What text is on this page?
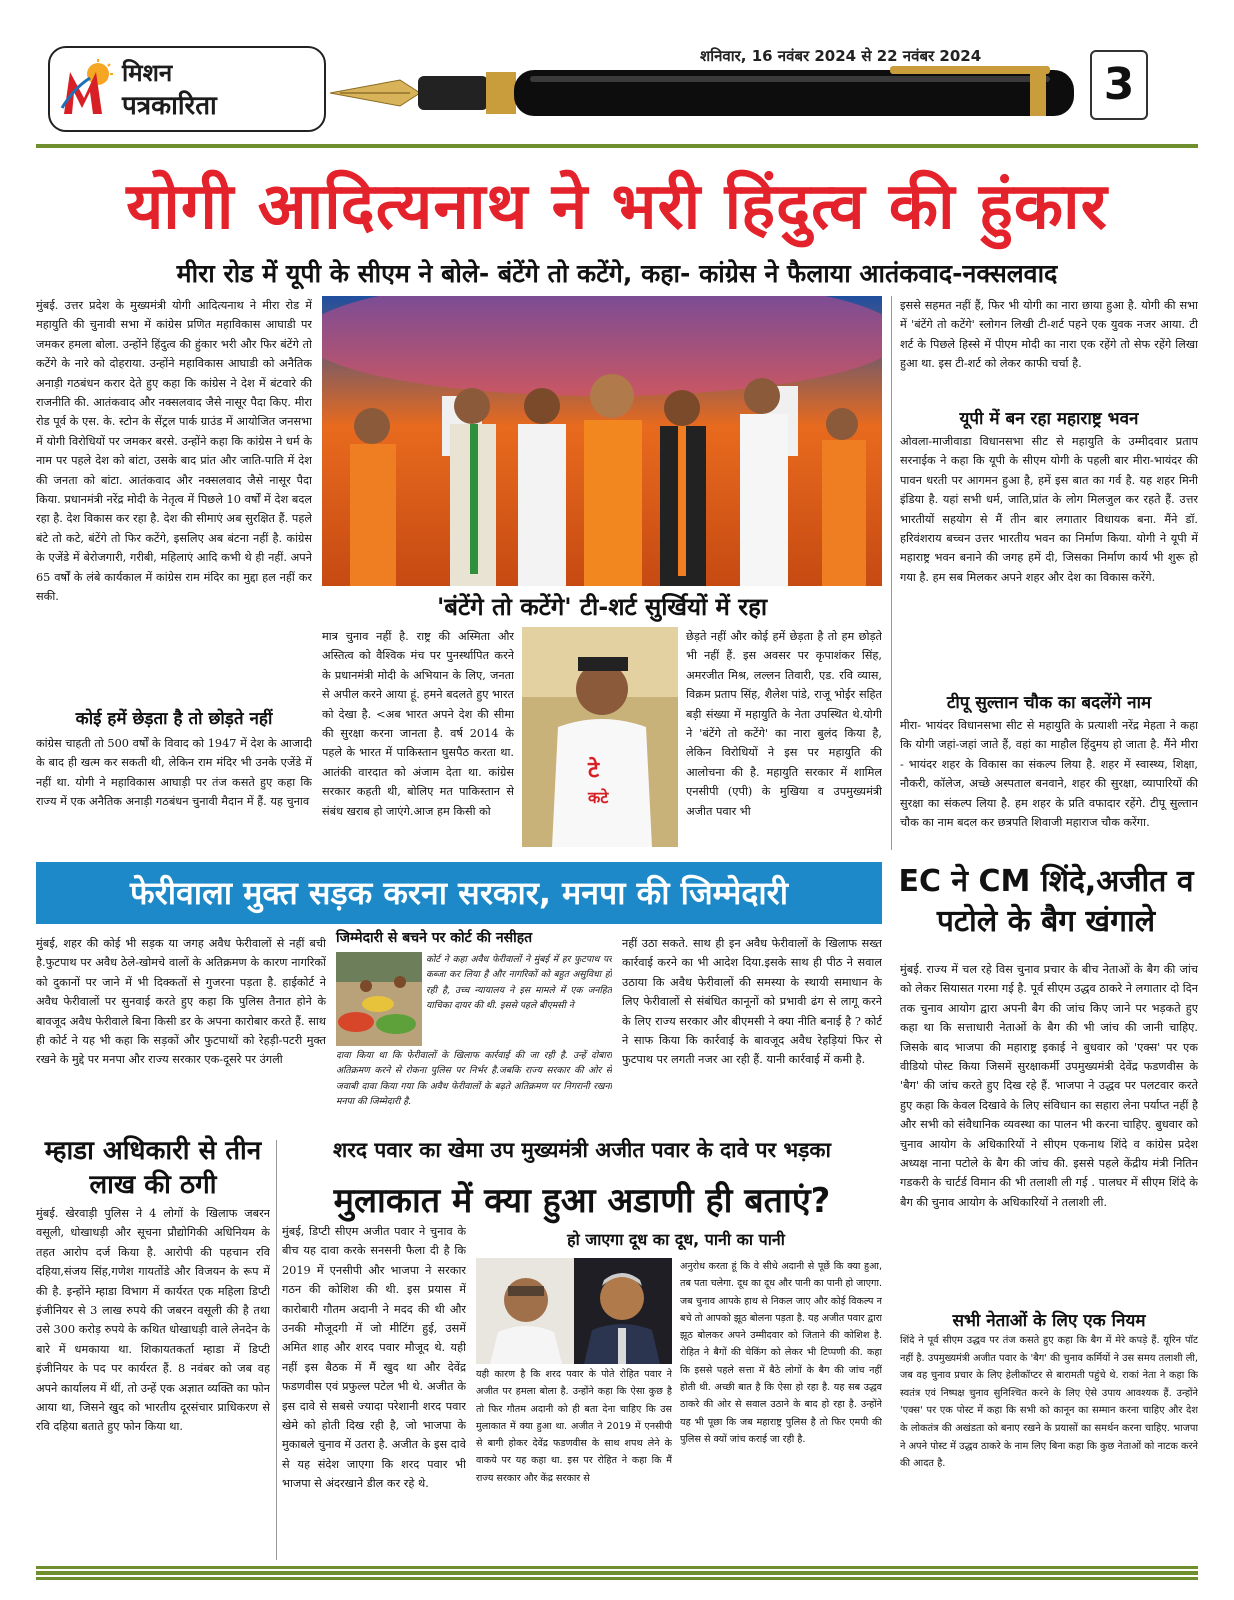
मिशन
पत्रकारिता
शनिवार, 16 नवंबर 2024 से 22 नवंबर 2024
3
योगी आदित्यनाथ ने भरी हिंदुत्व की हुंकार
मीरा रोड में यूपी के सीएम ने बोले- बंटेंगे तो कटेंगे, कहा- कांग्रेस ने फैलाया आतंकवाद-नक्सलवाद
मुंबई. उत्तर प्रदेश के मुख्यमंत्री योगी आदित्यनाथ ने मीरा रोड में महायुति की चुनावी सभा में कांग्रेस प्रणित महाविकास आघाडी पर जमकर हमला बोला. उन्होंने हिंदुत्व की हुंकार भरी और फिर बंटेंगे तो कटेंगे के नारे को दोहराया. उन्होंने महाविकास आघाडी को अनैतिक अनाड़ी गठबंधन करार देते हुए कहा कि कांग्रेस ने देश में बंटवारे की राजनीति की. आतंकवाद और नक्सलवाद जैसे नासूर पैदा किए. मीरा रोड पूर्व के एस. के. स्टोन के सेंट्रल पार्क ग्राउंड में आयोजित जनसभा में योगी विरोधियों पर जमकर बरसे. उन्होंने कहा कि कांग्रेस ने धर्म के नाम पर पहले देश को बांटा, उसके बाद प्रांत और जाति-पाति में देश की जनता को बांटा. आतंकवाद और नक्सलवाद जैसे नासूर पैदा किया. प्रधानमंत्री नरेंद्र मोदी के नेतृत्व में पिछले 10 वर्षों में देश बदल रहा है. देश विकास कर रहा है. देश की सीमाएं अब सुरक्षित हैं. पहले बंटे तो कटे, बंटेंगे तो फिर कटेंगे, इसलिए अब बंटना नहीं है. कांग्रेस के एजेंडे में बेरोजगारी, गरीबी, महिलाएं आदि कभी थे ही नहीं. अपने 65 वर्षों के लंबे कार्यकाल में कांग्रेस राम मंदिर का मुद्दा हल नहीं कर सकी.
कोई हमें छेड़ता है तो छोड़ते नहीं
कांग्रेस चाहती तो 500 वर्षों के विवाद को 1947 में देश के आजादी के बाद ही खत्म कर सकती थी, लेकिन राम मंदिर भी उनके एजेंडे में नहीं था. योगी ने महाविकास आघाड़ी पर तंज कसते हुए कहा कि राज्य में एक अनैतिक अनाड़ी गठबंधन चुनावी मैदान में हैं. यह चुनाव
'बंटेंगे तो कटेंगे' टी-शर्ट सुर्खियों में रहा
मात्र चुनाव नहीं है. राष्ट्र की अस्मिता और अस्तित्व को वैश्विक मंच पर पुनर्स्थापित करने के प्रधानमंत्री मोदी के अभियान के लिए, जनता से अपील करने आया हूं. हमने बदलते हुए भारत को देखा है. <अब भारत अपने देश की सीमा की सुरक्षा करना जानता है. वर्ष 2014 के पहले के भारत में पाकिस्तान घुसपैठ करता था. आतंकी वारदात को अंजाम देता था. कांग्रेस सरकार कहती थी, बोलिए मत पाकिस्तान से संबंध खराब हो जाएंगे.आज हम किसी को
टे
कटे
छेड़ते नहीं और कोई हमें छेड़ता है तो हम छोड़ते भी नहीं हैं. इस अवसर पर कृपाशंकर सिंह, अमरजीत मिश्र, लल्लन तिवारी, एड. रवि व्यास, विक्रम प्रताप सिंह, शैलेश पांडे, राजू भोईर सहित बड़ी संख्या में महायुति के नेता उपस्थित थे.योगी ने 'बंटेंगे तो कटेंगे' का नारा बुलंद किया है, लेकिन विरोधियों ने इस पर महायुति की आलोचना की है. महायुति सरकार में शामिल एनसीपी (एपी) के मुखिया व उपमुख्यमंत्री अजीत पवार भी
इससे सहमत नहीं हैं, फिर भी योगी का नारा छाया हुआ है. योगी की सभा में 'बंटेंगे तो कटेंगे' स्लोगन लिखी टी-शर्ट पहने एक युवक नजर आया. टी शर्ट के पिछले हिस्से में पीएम मोदी का नारा एक रहेंगे तो सेफ रहेंगे लिखा हुआ था. इस टी-शर्ट को लेकर काफी चर्चा है.
यूपी में बन रहा महाराष्ट्र भवन
ओवला-माजीवाडा विधानसभा सीट से महायुति के उम्मीदवार प्रताप सरनाईक ने कहा कि यूपी के सीएम योगी के पहली बार मीरा-भायंदर की पावन धरती पर आगमन हुआ है, हमें इस बात का गर्व है. यह शहर मिनी इंडिया है. यहां सभी धर्म, जाति,प्रांत के लोग मिलजुल कर रहते हैं. उत्तर भारतीयों सहयोग से मैं तीन बार लगातार विधायक बना. मैंने डॉ. हरिवंशराय बच्चन उत्तर भारतीय भवन का निर्माण किया. योगी ने यूपी में महाराष्ट्र भवन बनाने की जगह हमें दी, जिसका निर्माण कार्य भी शुरू हो गया है. हम सब मिलकर अपने शहर और देश का विकास करेंगे.
टीपू सुल्तान चौक का बदलेंगे नाम
मीरा- भायंदर विधानसभा सीट से महायुति के प्रत्याशी नरेंद्र मेहता ने कहा कि योगी जहां-जहां जाते हैं, वहां का माहौल हिंदुमय हो जाता है. मैंने मीरा - भायंदर शहर के विकास का संकल्प लिया है. शहर में स्वास्थ्य, शिक्षा, नौकरी, कॉलेज, अच्छे अस्पताल बनवाने, शहर की सुरक्षा, व्यापारियों की सुरक्षा का संकल्प लिया है. हम शहर के प्रति वफादार रहेंगे. टीपू सुल्तान चौक का नाम बदल कर छत्रपति शिवाजी महाराज चौक करेंगा.
फेरीवाला मुक्त सड़क करना सरकार, मनपा की जिम्मेदारी
मुंबई, शहर की कोई भी सड़क या जगह अवैध फेरीवालों से नहीं बची है.फुटपाथ पर अवैध ठेले-खोमचे वालों के अतिक्रमण के कारण नागरिकों को दुकानों पर जाने में भी दिक्कतों से गुजरना पड़ता है. हाईकोर्ट ने अवैध फेरीवालों पर सुनवाई करते हुए कहा कि पुलिस तैनात होने के बावजूद अवैध फेरीवाले बिना किसी डर के अपना कारोबार करते हैं. साथ ही कोर्ट ने यह भी कहा कि सड़कों और फुटपाथों को रेहड़ी-पटरी मुक्त रखने के मुद्दे पर मनपा और राज्य सरकार एक-दूसरे पर उंगली
जिम्मेदारी से बचने पर कोर्ट की नसीहत
कोर्ट ने कहा अवैध फेरीवालों ने मुंबई में हर फुटपाथ पर कब्जा कर लिया है और नागरिकों को बहुत असुविधा हो रही है, उच्च न्यायालय ने इस मामले में एक जनहित याचिका दायर की थी. इससे पहले बीएमसी ने
दावा किया था कि फेरीवालों के खिलाफ कार्रवाई की जा रही है. उन्हें दोबारा अतिक्रमण करने से रोकना पुलिस पर निर्भर है.जबकि राज्य सरकार की ओर से जवाबी दावा किया गया कि अवैध फेरीवालों के बढ़ते अतिक्रमण पर निगरानी रखना मनपा की जिम्मेदारी है.
नहीं उठा सकते. साथ ही इन अवैध फेरीवालों के खिलाफ सख्त कार्रवाई करने का भी आदेश दिया.इसके साथ ही पीठ ने सवाल उठाया कि अवैध फेरीवालों की समस्या के स्थायी समाधान के लिए फेरीवालों से संबंधित कानूनों को प्रभावी ढंग से लागू करने के लिए राज्य सरकार और बीएमसी ने क्या नीति बनाई है ? कोर्ट ने साफ किया कि कार्रवाई के बावजूद अवैध रेहड़ियां फिर से फुटपाथ पर लगती नजर आ रही हैं. यानी कार्रवाई में कमी है.
EC ने CM शिंदे,अजीत व पटोले के बैग खंगाले
मुंबई. राज्य में चल रहे विस चुनाव प्रचार के बीच नेताओं के बैग की जांच को लेकर सियासत गरमा गई है. पूर्व सीएम उद्धव ठाकरे ने लगातार दो दिन तक चुनाव आयोग द्वारा अपनी बैग की जांच किए जाने पर भड़कते हुए कहा था कि सत्ताधारी नेताओं के बैग की भी जांच की जानी चाहिए. जिसके बाद भाजपा की महाराष्ट्र इकाई ने बुधवार को 'एक्स' पर एक वीडियो पोस्ट किया जिसमें सुरक्षाकर्मी उपमुख्यमंत्री देवेंद्र फडणवीस के 'बैग' की जांच करते हुए दिख रहे हैं. भाजपा ने उद्धव पर पलटवार करते हुए कहा कि केवल दिखावे के लिए संविधान का सहारा लेना पर्याप्त नहीं है और सभी को संवैधानिक व्यवस्था का पालन भी करना चाहिए. बुधवार को चुनाव आयोग के अधिकारियों ने सीएम एकनाथ शिंदे व कांग्रेस प्रदेश अध्यक्ष नाना पटोले के बैग की जांच की. इससे पहले केंद्रीय मंत्री नितिन गडकरी के चार्टर्ड विमान की भी तलाशी ली गई . पालघर में सीएम शिंदे के बैग की चुनाव आयोग के अधिकारियों ने तलाशी ली.
सभी नेताओं के लिए एक नियम
शिंदे ने पूर्व सीएम उद्धव पर तंज कसते हुए कहा कि बैग में मेरे कपड़े हैं. यूरिन पॉट नहीं है. उपमुख्यमंत्री अजीत पवार के 'बैग' की चुनाव कर्मियों ने उस समय तलाशी ली, जब वह चुनाव प्रचार के लिए हेलीकॉप्टर से बारामती पहुंचे थे. राकां नेता ने कहा कि स्वतंत्र एवं निष्पक्ष चुनाव सुनिश्चित करने के लिए ऐसे उपाय आवश्यक हैं. उन्होंने 'एक्स' पर एक पोस्ट में कहा कि सभी को कानून का सम्मान करना चाहिए और देश के लोकतंत्र की अखंडता को बनाए रखने के प्रयासों का समर्थन करना चाहिए. भाजपा ने अपने पोस्ट में उद्धव ठाकरे के नाम लिए बिना कहा कि कुछ नेताओं को नाटक करने की आदत है.
म्हाडा अधिकारी से तीन लाख की ठगी
मुंबई. खेरवाड़ी पुलिस ने 4 लोगों के खिलाफ जबरन वसूली, धोखाधड़ी और सूचना प्रौद्योगिकी अधिनियम के तहत आरोप दर्ज किया है. आरोपी की पहचान रवि दहिया,संजय सिंह,गणेश गायतोंडे और विजयन के रूप में की है. इन्होंने म्हाडा विभाग में कार्यरत एक महिला डिप्टी इंजीनियर से 3 लाख रुपये की जबरन वसूली की है तथा उसे 300 करोड़ रुपये के कथित धोखाधड़ी वाले लेनदेन के बारे में धमकाया था. शिकायतकर्ता म्हाडा में डिप्टी इंजीनियर के पद पर कार्यरत हैं. 8 नवंबर को जब वह अपने कार्यालय में थीं, तो उन्हें एक अज्ञात व्यक्ति का फोन आया था, जिसने खुद को भारतीय दूरसंचार प्राधिकरण से रवि दहिया बताते हुए फोन किया था.
शरद पवार का खेमा उप मुख्यमंत्री अजीत पवार के दावे पर भड़का
मुलाकात में क्या हुआ अडाणी ही बताएं?
हो जाएगा दूध का दूध, पानी का पानी
मुंबई, डिप्टी सीएम अजीत पवार ने चुनाव के बीच यह दावा करके सनसनी फैला दी है कि 2019 में एनसीपी और भाजपा ने सरकार गठन की कोशिश की थी. इस प्रयास में कारोबारी गौतम अदानी ने मदद की थी और उनकी मौजूदगी में जो मीटिंग हुई, उसमें अमित शाह और शरद पवार मौजूद थे. यही नहीं इस बैठक में मैं खुद था और देवेंद्र फडणवीस एवं प्रफुल्ल पटेल भी थे. अजीत के इस दावे से सबसे ज्यादा परेशानी शरद पवार खेमे को होती दिख रही है, जो भाजपा के मुकाबले चुनाव में उतरा है. अजीत के इस दावे से यह संदेश जाएगा कि शरद पवार भी भाजपा से अंदरखाने डील कर रहे थे.
यही कारण है कि शरद पवार के पोते रोहित पवार ने अजीत पर हमला बोला है. उन्होंने कहा कि ऐसा कुछ है तो फिर गौतम अदानी को ही बता देना चाहिए कि उस मुलाकात में क्या हुआ था. अजीत ने 2019 में एनसीपी से बागी होकर देवेंद्र फडणवीस के साथ शपथ लेने के वाकये पर यह कहा था. इस पर रोहित ने कहा कि मैं राज्य सरकार और केंद्र सरकार से
अनुरोध करता हूं कि वे सीधे अदानी से पूछें कि क्या हुआ, तब पता चलेगा. दूध का दूध और पानी का पानी हो जाएगा. जब चुनाव आपके हाथ से निकल जाए और कोई विकल्प न बचे तो आपको झूठ बोलना पड़ता है. यह अजीत पवार द्वारा झूठ बोलकर अपने उम्मीदवार को जिताने की कोशिश है. रोहित ने बैगों की चेकिंग को लेकर भी टिप्पणी की. कहा कि इससे पहले सत्ता में बैठे लोगों के बैग की जांच नहीं होती थी. अच्छी बात है कि ऐसा हो रहा है. यह सब उद्धव ठाकरे की ओर से सवाल उठाने के बाद हो रहा है. उन्होंने यह भी पूछा कि जब महाराष्ट्र पुलिस है तो फिर एमपी की पुलिस से क्यों जांच कराई जा रही है.
